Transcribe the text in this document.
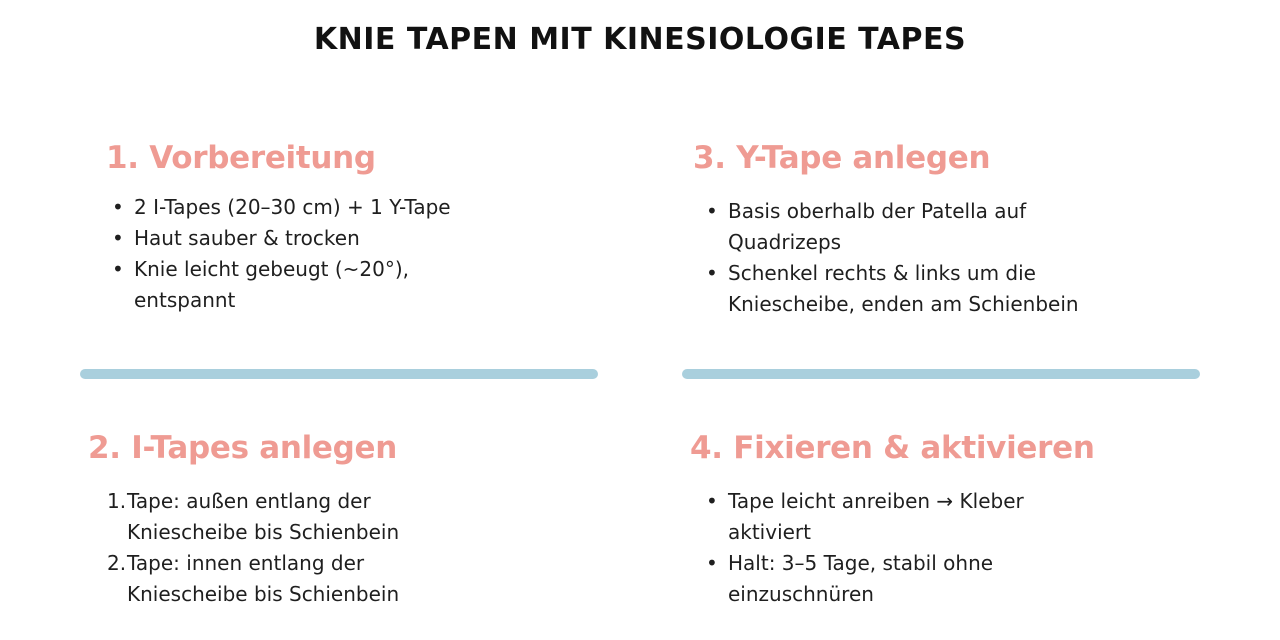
KNIE TAPEN MIT KINESIOLOGIE TAPES
1. Vorbereitung
• 2 I-Tapes (20–30 cm) + 1 Y-Tape
• Haut sauber & trocken
• Knie leicht gebeugt (~20°), entspannt
3. Y-Tape anlegen
• Basis oberhalb der Patella auf Quadrizeps
• Schenkel rechts & links um die Kniescheibe, enden am Schienbein
2. I-Tapes anlegen
1. Tape: außen entlang der Kniescheibe bis Schienbein
2. Tape: innen entlang der Kniescheibe bis Schienbein
4. Fixieren & aktivieren
• Tape leicht anreiben → Kleber aktiviert
• Halt: 3–5 Tage, stabil ohne einzuschnüren
